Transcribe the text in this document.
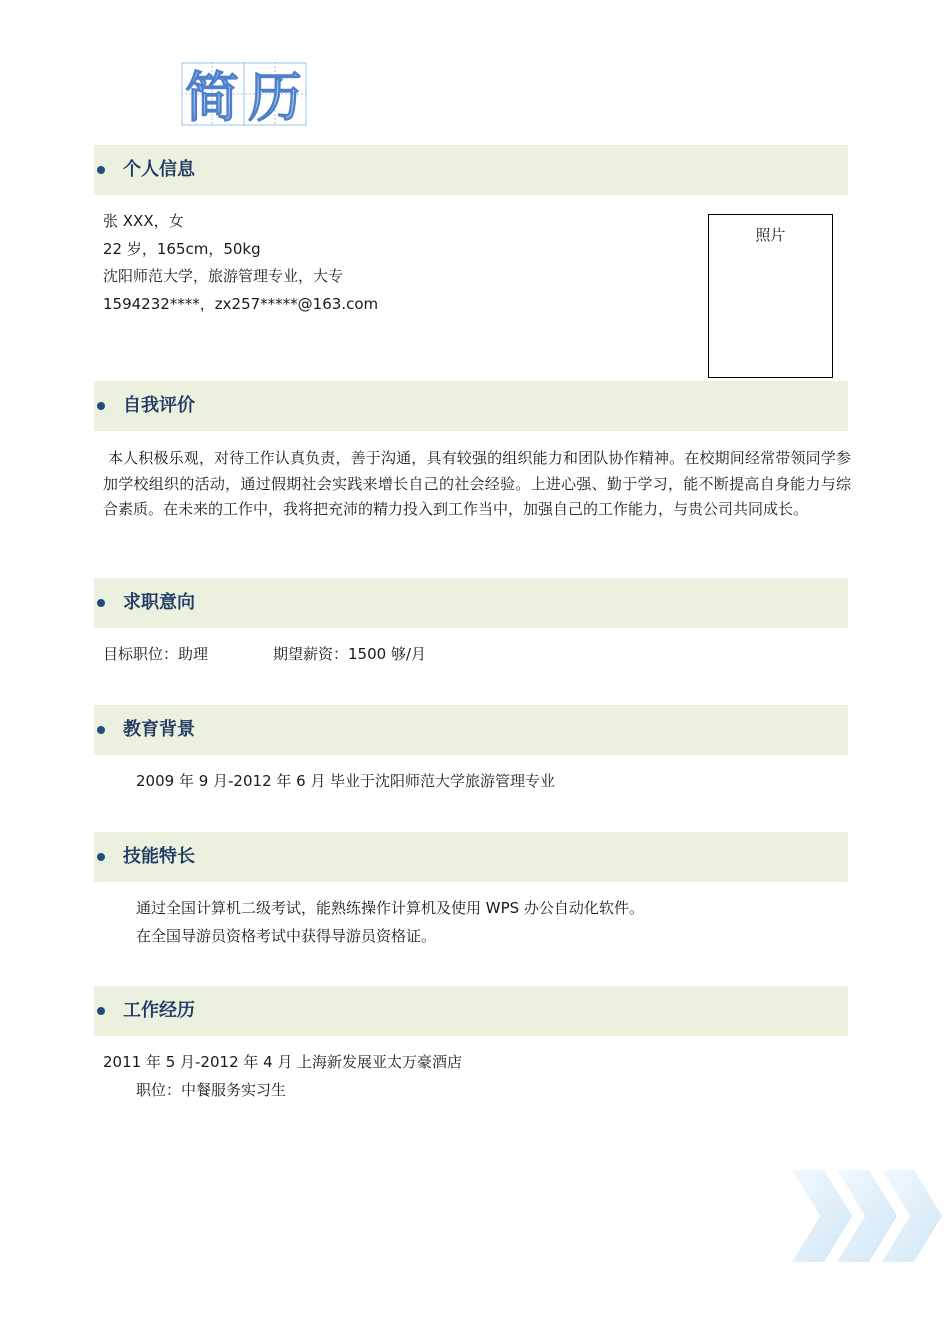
简 历
个人信息
张 XXX，女
22 岁，165cm，50kg
沈阳师范大学，旅游管理专业，大专
1594232****，zx257*****@163.com
照片
自我评价
本人积极乐观，对待工作认真负责，善于沟通，具有较强的组织能力和团队协作精神。在校期间经常带领同学参加学校组织的活动，通过假期社会实践来增长自己的社会经验。上进心强、勤于学习，能不断提高自身能力与综合素质。在未来的工作中，我将把充沛的精力投入到工作当中，加强自己的工作能力，与贵公司共同成长。
求职意向
目标职位：助理	期望薪资：1500 够/月
教育背景
2009 年 9 月-2012 年 6 月 毕业于沈阳师范大学旅游管理专业
技能特长
通过全国计算机二级考试，能熟练操作计算机及使用 WPS 办公自动化软件。
在全国导游员资格考试中获得导游员资格证。
工作经历
2011 年 5 月-2012 年 4 月 上海新发展亚太万豪酒店
职位：中餐服务实习生
